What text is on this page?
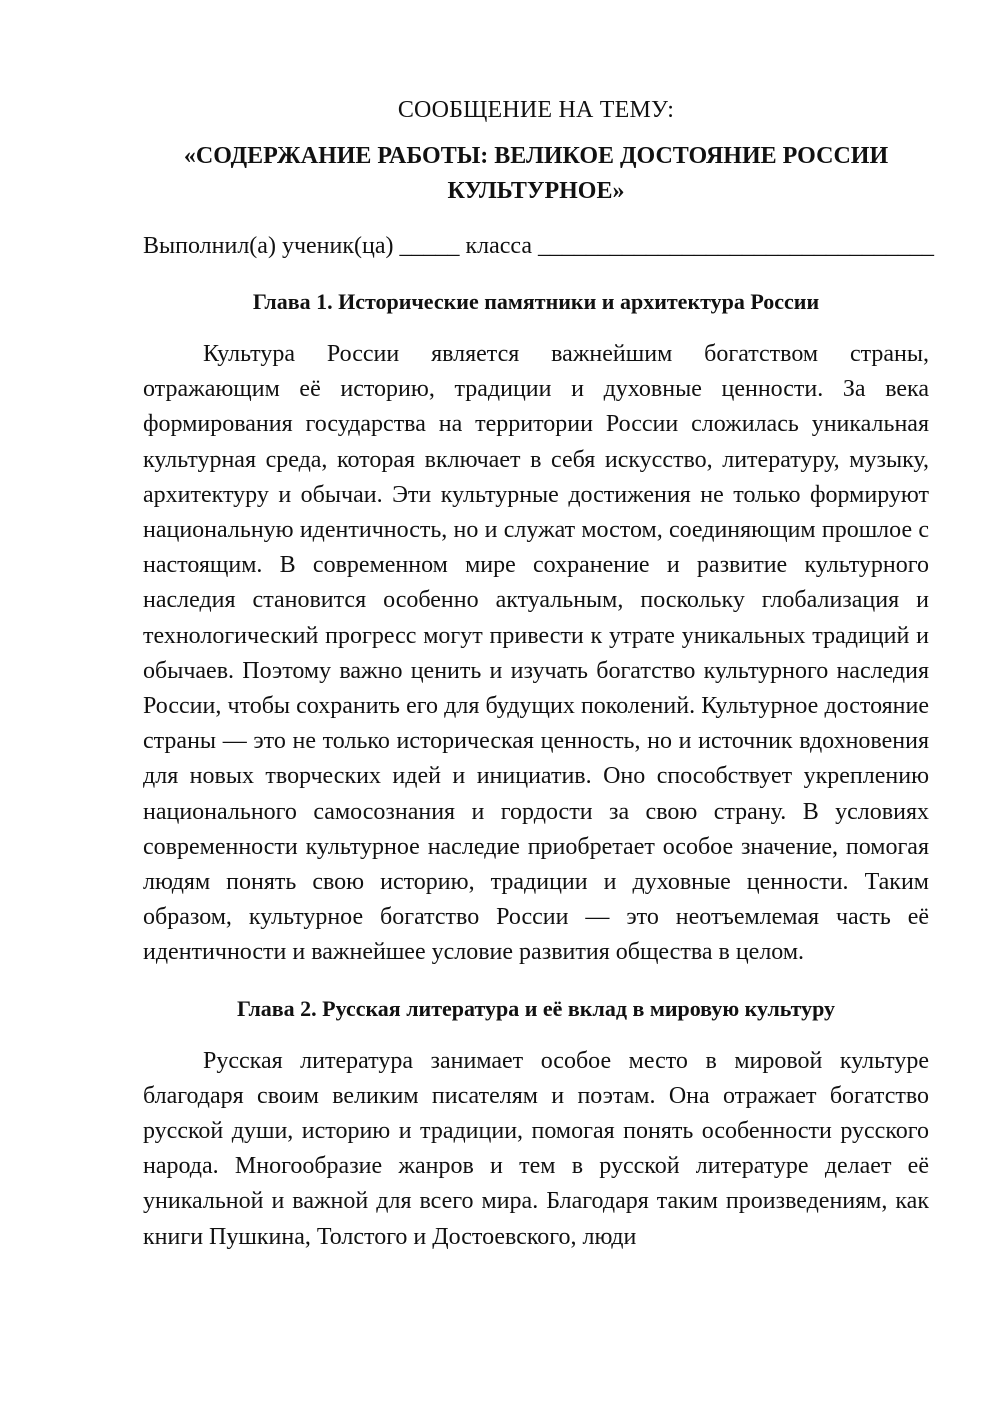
СООБЩЕНИЕ НА ТЕМУ:
«СОДЕРЖАНИЕ РАБОТЫ: ВЕЛИКОЕ ДОСТОЯНИЕ РОССИИ КУЛЬТУРНОЕ»
Выполнил(а) ученик(ца) _____ класса _________________________________
Глава 1. Исторические памятники и архитектура России

Культура России является важнейшим богатством страны, отражающим её историю, традиции и духовные ценности. За века формирования государства на территории России сложилась уникальная культурная среда, которая включает в себя искусство, литературу, музыку, архитектуру и обычаи. Эти культурные достижения не только формируют национальную идентичность, но и служат мостом, соединяющим прошлое с настоящим. В современном мире сохранение и развитие культурного наследия становится особенно актуальным, поскольку глобализация и технологический прогресс могут привести к утрате уникальных традиций и обычаев. Поэтому важно ценить и изучать богатство культурного наследия России, чтобы сохранить его для будущих поколений. Культурное достояние страны — это не только историческая ценность, но и источник вдохновения для новых творческих идей и инициатив. Оно способствует укреплению национального самосознания и гордости за свою страну. В условиях современности культурное наследие приобретает особое значение, помогая людям понять свою историю, традиции и духовные ценности. Таким образом, культурное богатство России — это неотъемлемая часть её идентичности и важнейшее условие развития общества в целом.

Глава 2. Русская литература и её вклад в мировую культуру

Русская литература занимает особое место в мировой культуре благодаря своим великим писателям и поэтам. Она отражает богатство русской души, историю и традиции, помогая понять особенности русского народа. Многообразие жанров и тем в русской литературе делает её уникальной и важной для всего мира. Благодаря таким произведениям, как книги Пушкина, Толстого и Достоевского, люди
